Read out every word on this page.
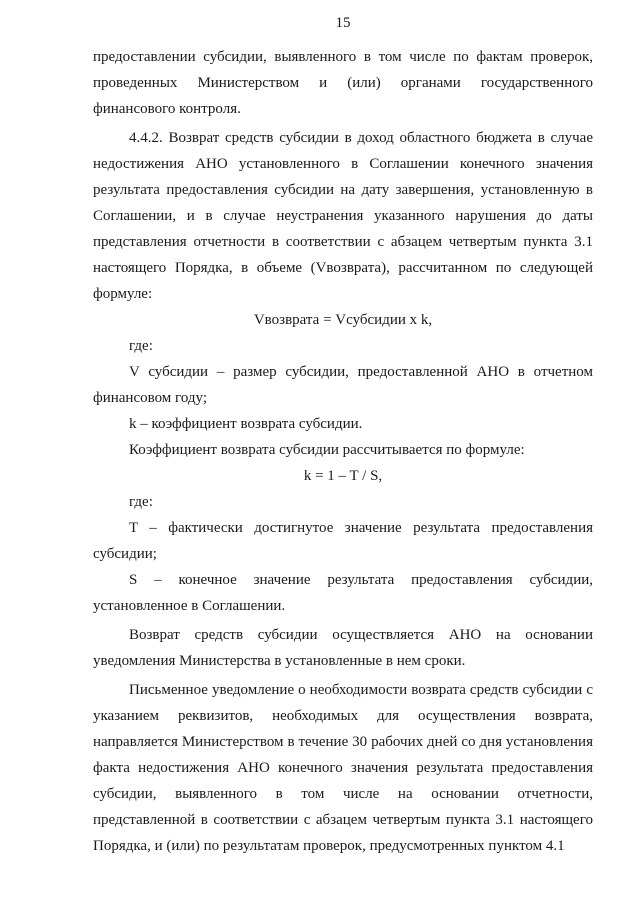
15

предоставлении субсидии, выявленного в том числе по фактам проверок, проведенных Министерством и (или) органами государственного финансового контроля.

4.4.2. Возврат средств субсидии в доход областного бюджета в случае недостижения АНО установленного в Соглашении конечного значения результата предоставления субсидии на дату завершения, установленную в Соглашении, и в случае неустранения указанного нарушения до даты представления отчетности в соответствии с абзацем четвертым пункта 3.1 настоящего Порядка, в объеме (Vвозврата), рассчитанном по следующей формуле:

Vвозврата = Vсубсидии x k,

где:

V субсидии – размер субсидии, предоставленной АНО в отчетном финансовом году;

k – коэффициент возврата субсидии.

Коэффициент возврата субсидии рассчитывается по формуле:

k = 1 – T / S,

где:

T – фактически достигнутое значение результата предоставления субсидии;

S – конечное значение результата предоставления субсидии, установленное в Соглашении.

Возврат средств субсидии осуществляется АНО на основании уведомления Министерства в установленные в нем сроки.

Письменное уведомление о необходимости возврата средств субсидии с указанием реквизитов, необходимых для осуществления возврата, направляется Министерством в течение 30 рабочих дней со дня установления факта недостижения АНО конечного значения результата предоставления субсидии, выявленного в том числе на основании отчетности, представленной в соответствии с абзацем четвертым пункта 3.1 настоящего Порядка, и (или) по результатам проверок, предусмотренных пунктом 4.1
